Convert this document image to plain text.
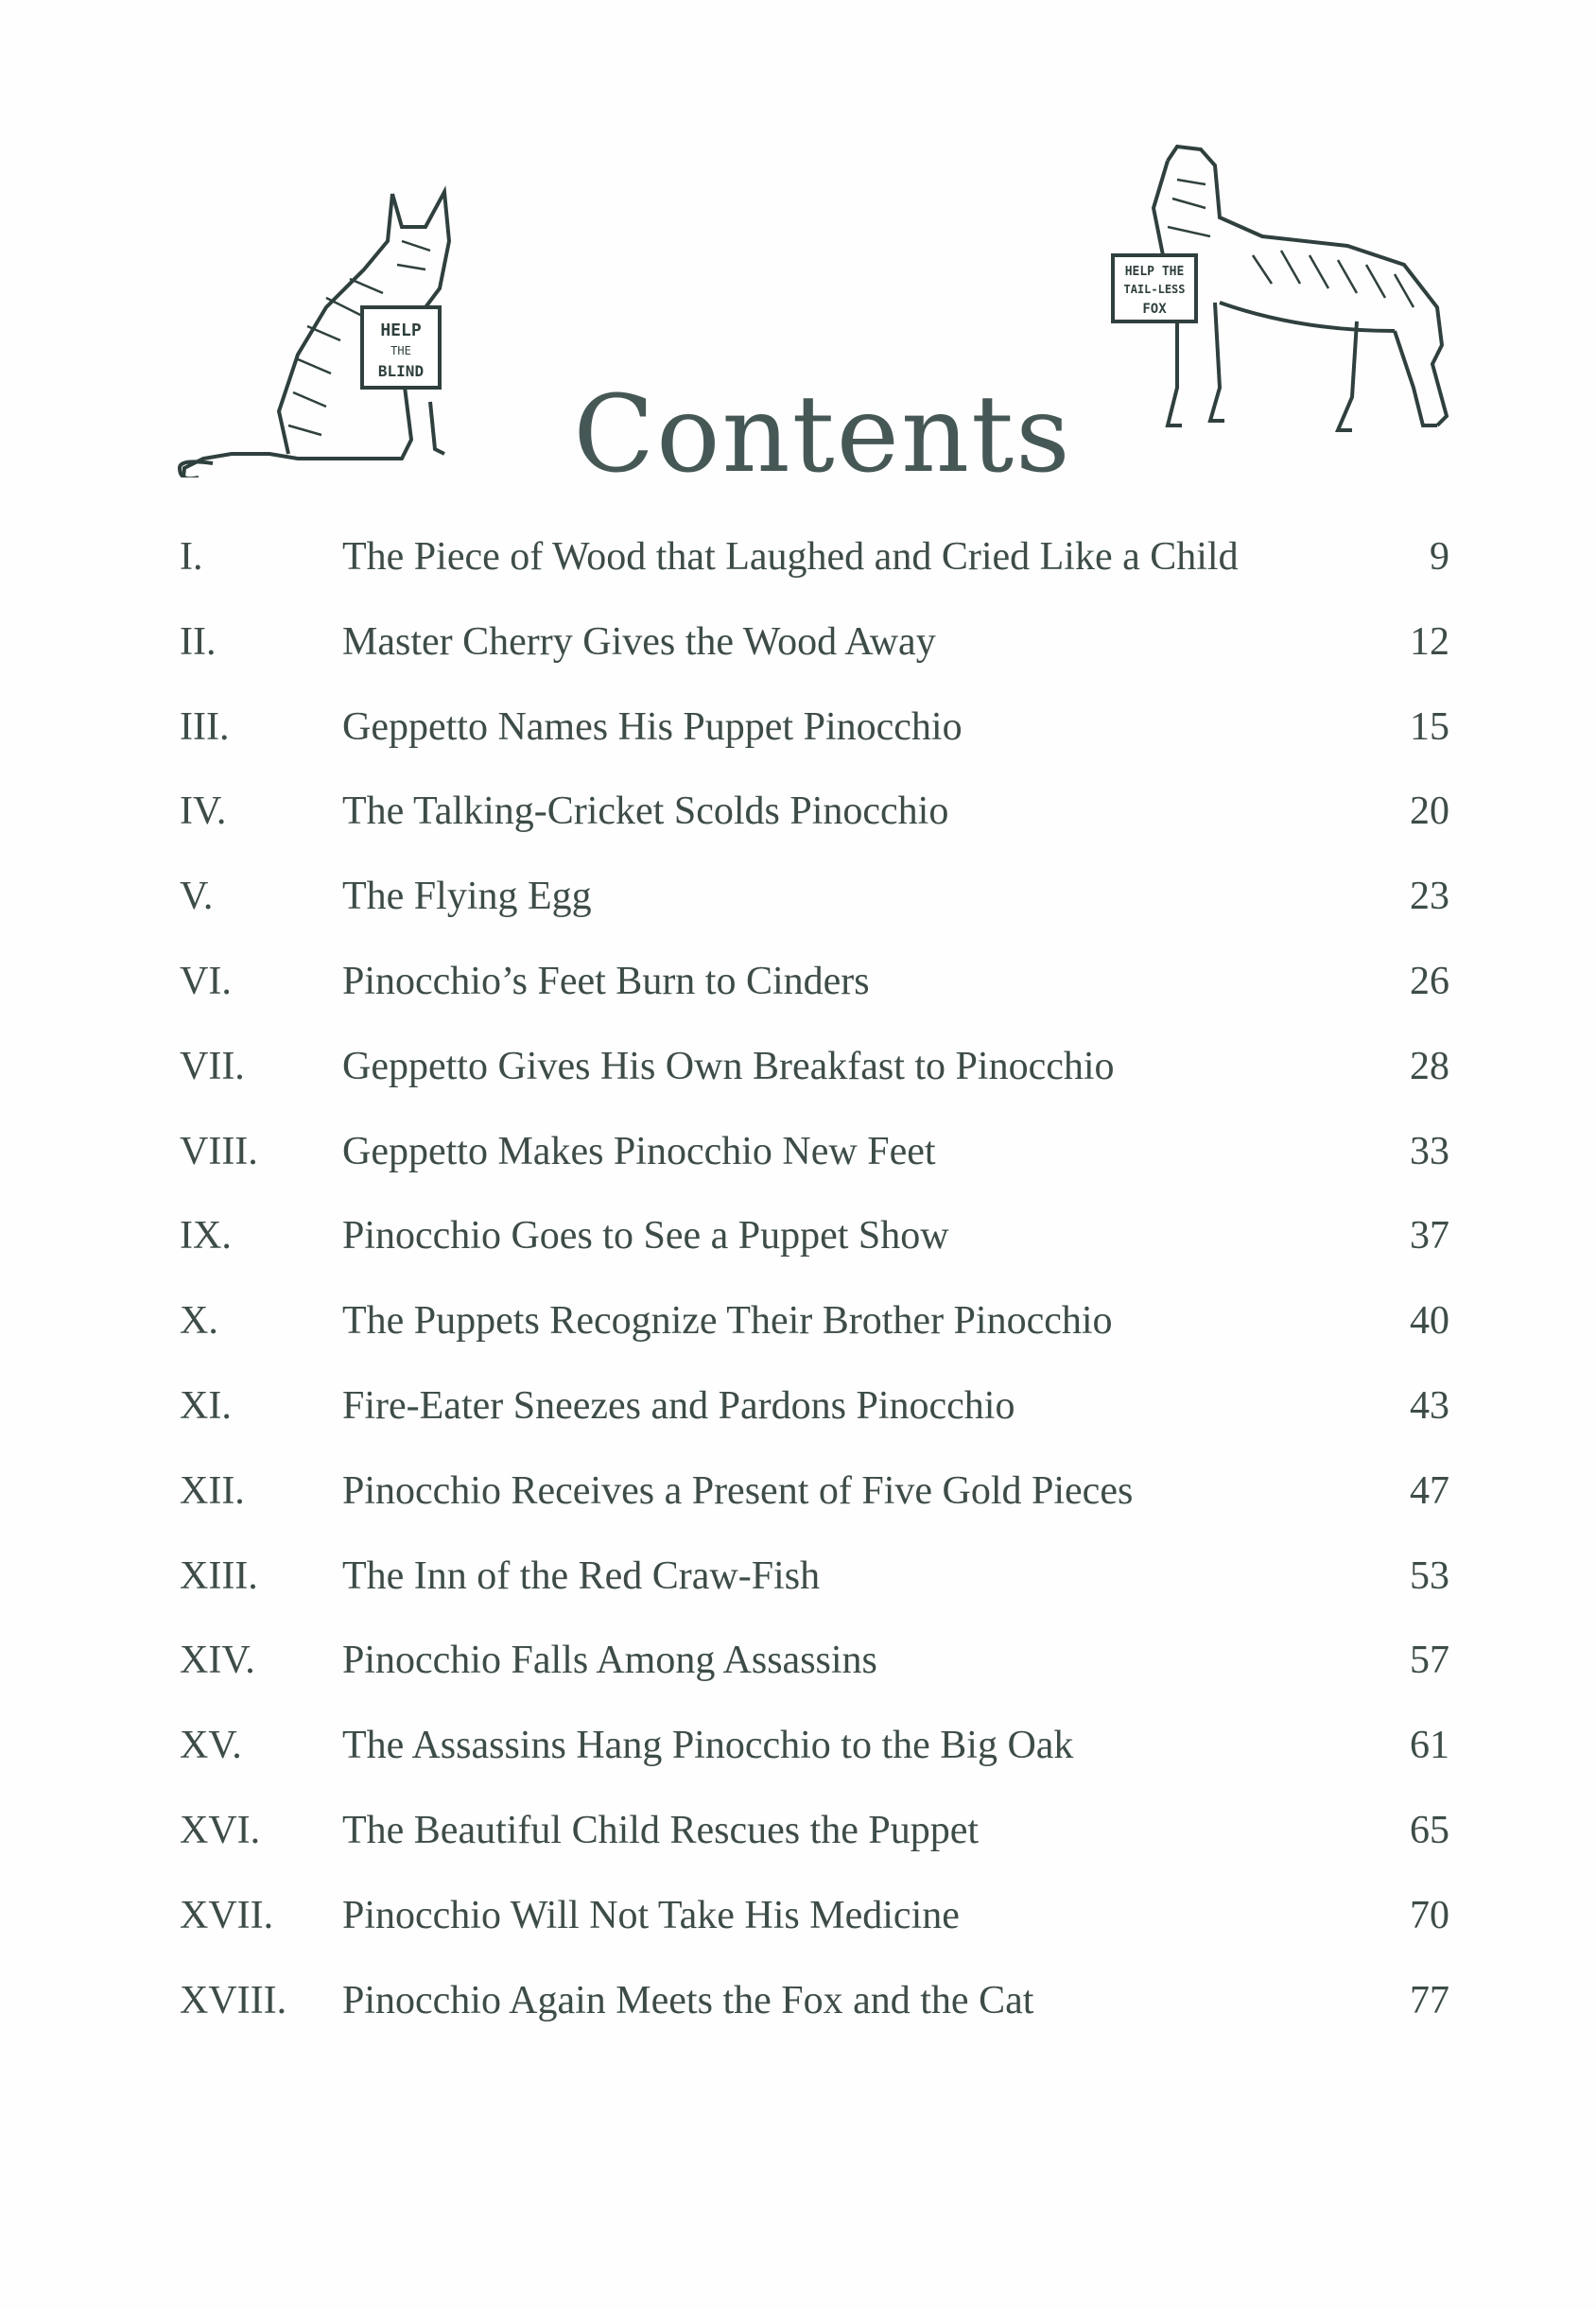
HELP
THE
BLIND
HELP THE
TAIL-LESS
FOX
Contents
I.	The Piece of Wood that Laughed and Cried Like a Child	9
II.	Master Cherry Gives the Wood Away	12
III.	Geppetto Names His Puppet Pinocchio	15
IV.	The Talking-Cricket Scolds Pinocchio	20
V.	The Flying Egg	23
VI.	Pinocchio’s Feet Burn to Cinders	26
VII. Geppetto Gives His Own Breakfast to Pinocchio	28
VIII. Geppetto Makes Pinocchio New Feet	33
IX.	Pinocchio Goes to See a Puppet Show	37
X.	The Puppets Recognize Their Brother Pinocchio	40
XI.	Fire-Eater Sneezes and Pardons Pinocchio	43
XII. Pinocchio Receives a Present of Five Gold Pieces	47
XIII. The Inn of the Red Craw-Fish	53
XIV. Pinocchio Falls Among Assassins	57
XV.	The Assassins Hang Pinocchio to the Big Oak	61
XVI. The Beautiful Child Rescues the Puppet	65
XVII. Pinocchio Will Not Take His Medicine	70
XVIII. Pinocchio Again Meets the Fox and the Cat	77
